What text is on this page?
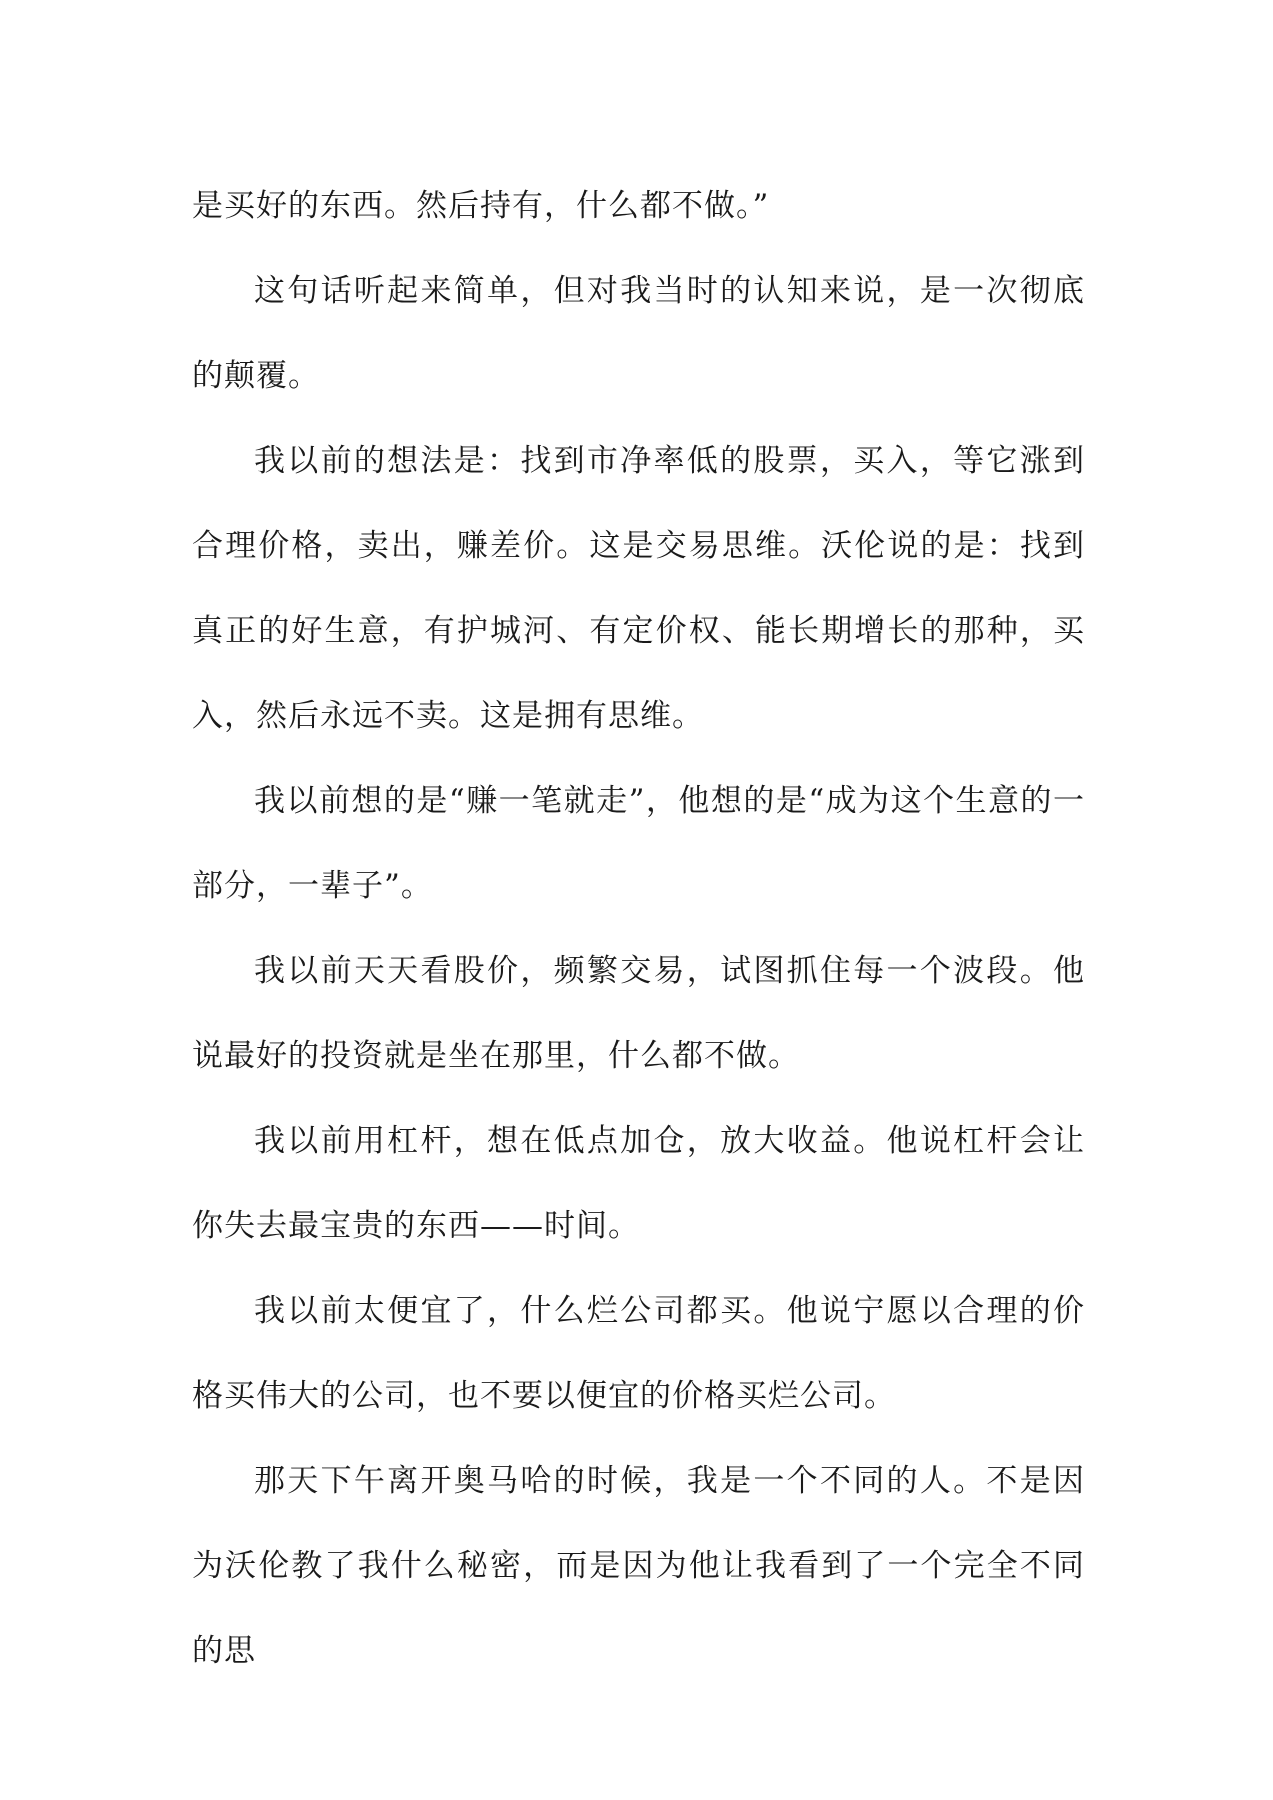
是买好的东西。然后持有，什么都不做。”

这句话听起来简单，但对我当时的认知来说，是一次彻底的颠覆。

我以前的想法是：找到市净率低的股票，买入，等它涨到合理价格，卖出，赚差价。这是交易思维。沃伦说的是：找到真正的好生意，有护城河、有定价权、能长期增长的那种，买入，然后永远不卖。这是拥有思维。

我以前想的是“赚一笔就走”，他想的是“成为这个生意的一部分，一辈子”。

我以前天天看股价，频繁交易，试图抓住每一个波段。他说最好的投资就是坐在那里，什么都不做。

我以前用杠杆，想在低点加仓，放大收益。他说杠杆会让你失去最宝贵的东西——时间。

我以前太便宜了，什么烂公司都买。他说宁愿以合理的价格买伟大的公司，也不要以便宜的价格买烂公司。

那天下午离开奥马哈的时候，我是一个不同的人。不是因为沃伦教了我什么秘密，而是因为他让我看到了一个完全不同的思
